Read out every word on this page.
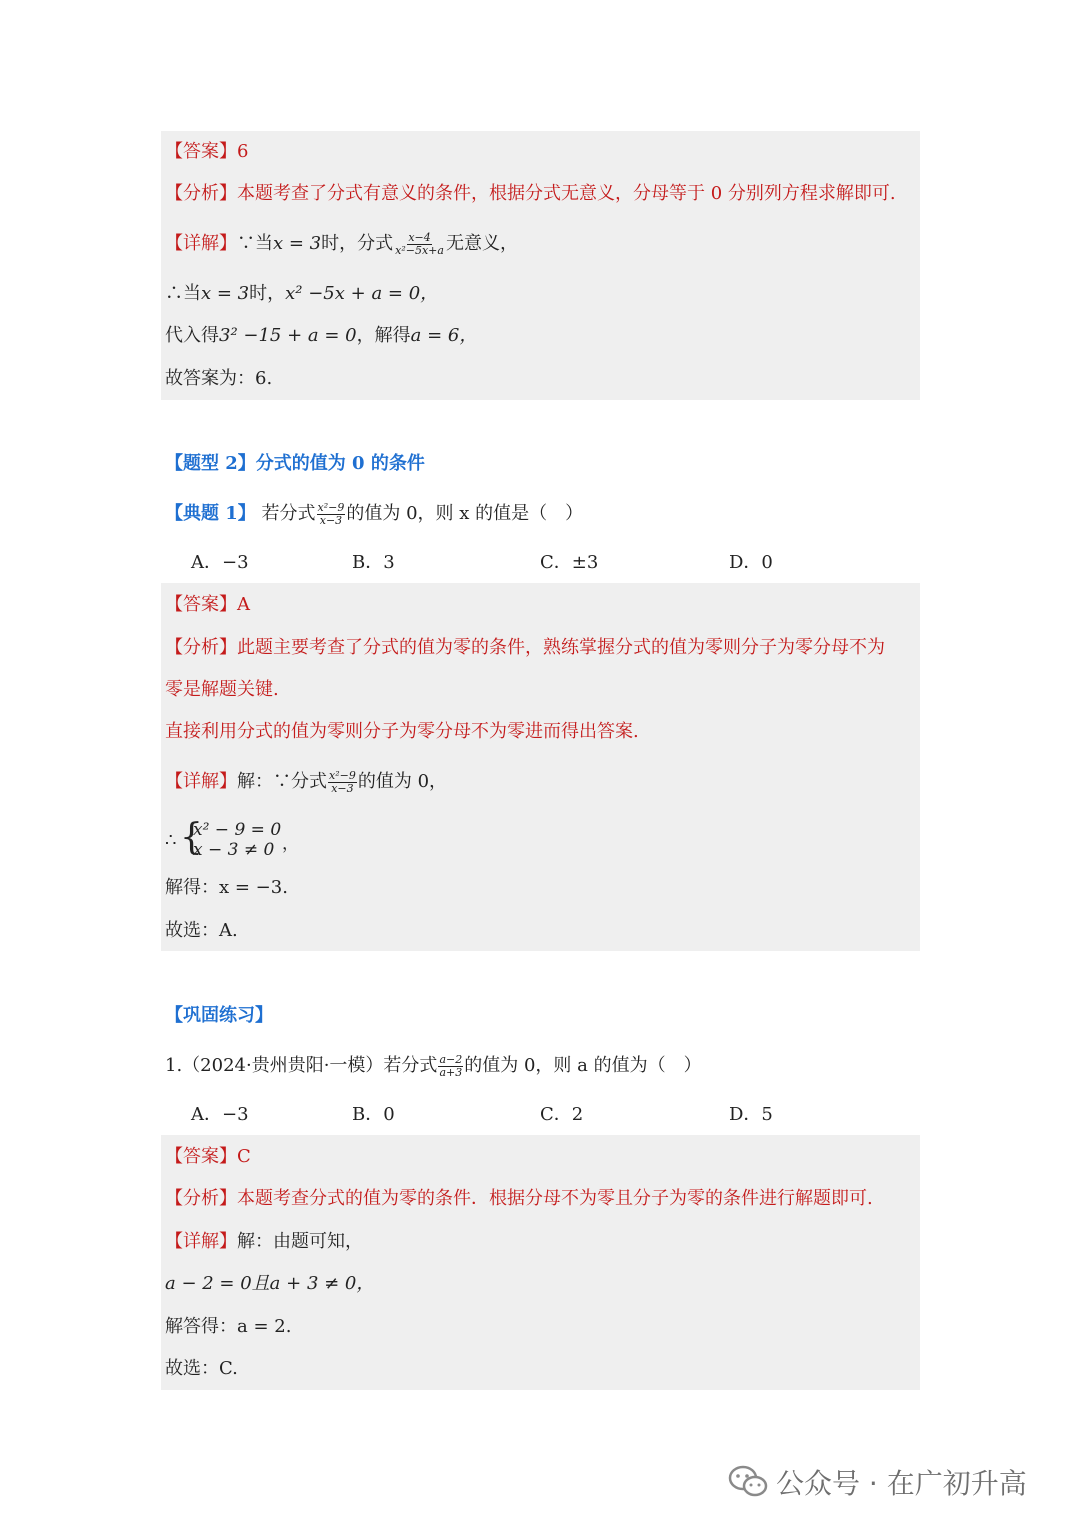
【答案】6
【分析】本题考查了分式有意义的条件，根据分式无意义，分母等于 0 分别列方程求解即可.
【详解】∵当x = 3时，分式 $\frac{x-4}{\text{x²−5x+a}}$ 无意义，
∴当x = 3时，x² −5x + a = 0，
代入得3² −15 + a = 0，解得a = 6，
故答案为：6.
【题型 2】分式的值为 0 的条件
【典题 1】 若分式 $\frac{\text{x²−9}}{x-3}$ 的值为 0，则 x 的值是（　）
A．−3	B．3	C．±3	D．0
【答案】A
【分析】此题主要考查了分式的值为零的条件，熟练掌握分式的值为零则分子为零分母不为
零是解题关键.
直接利用分式的值为零则分子为零分母不为零进而得出答案.
【详解】解：∵分式 $\frac{\text{x²−9}}{x-3}$ 的值为 0，
∴ {
x² − 9 = 0
x − 3 ≠ 0 ，
解得：x = −3.
故选：A.
【巩固练习】
1.（2024·贵州贵阳·一模）若分式 $\frac{a-2}{a+3}$ 的值为 0，则 a 的值为（　）
A．−3	B．0	C．2	D．5
【答案】C
【分析】本题考查分式的值为零的条件．根据分母不为零且分子为零的条件进行解题即可.
【详解】解：由题可知，
a − 2 = 0且a + 3 ≠ 0，
解答得：a = 2.
故选：C.
公众号 · 在广初升高
